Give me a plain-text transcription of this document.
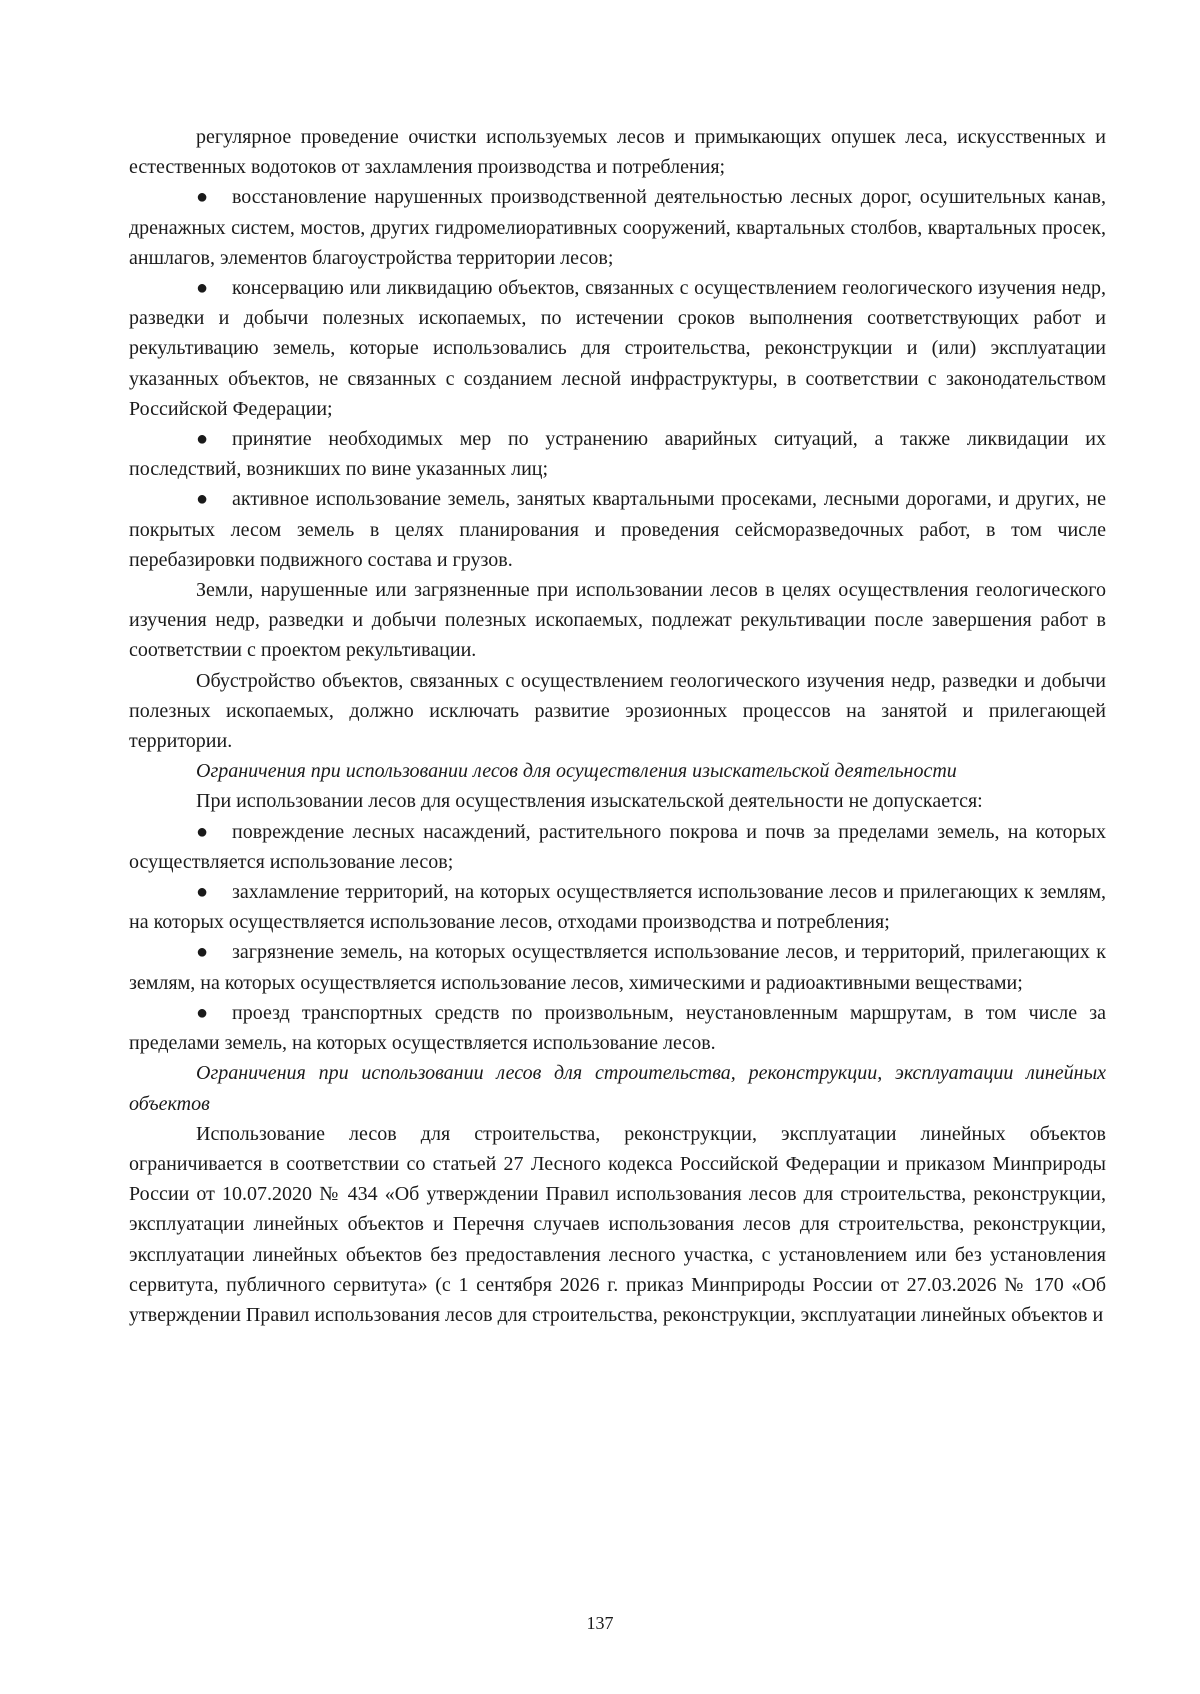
регулярное проведение очистки используемых лесов и примыкающих опушек леса, искусственных и естественных водотоков от захламления производства и потребления;

● восстановление нарушенных производственной деятельностью лесных дорог, осушительных канав, дренажных систем, мостов, других гидромелиоративных сооружений, квартальных столбов, квартальных просек, аншлагов, элементов благоустройства территории лесов;

● консервацию или ликвидацию объектов, связанных с осуществлением геологического изучения недр, разведки и добычи полезных ископаемых, по истечении сроков выполнения соответствующих работ и рекультивацию земель, которые использовались для строительства, реконструкции и (или) эксплуатации указанных объектов, не связанных с созданием лесной инфраструктуры, в соответствии с законодательством Российской Федерации;

● принятие необходимых мер по устранению аварийных ситуаций, а также ликвидации их последствий, возникших по вине указанных лиц;

● активное использование земель, занятых квартальными просеками, лесными дорогами, и других, не покрытых лесом земель в целях планирования и проведения сейсморазведочных работ, в том числе перебазировки подвижного состава и грузов.

Земли, нарушенные или загрязненные при использовании лесов в целях осуществления геологического изучения недр, разведки и добычи полезных ископаемых, подлежат рекультивации после завершения работ в соответствии с проектом рекультивации.

Обустройство объектов, связанных с осуществлением геологического изучения недр, разведки и добычи полезных ископаемых, должно исключать развитие эрозионных процессов на занятой и прилегающей территории.

Ограничения при использовании лесов для осуществления изыскательской деятельности

При использовании лесов для осуществления изыскательской деятельности не допускается:

● повреждение лесных насаждений, растительного покрова и почв за пределами земель, на которых осуществляется использование лесов;

● захламление территорий, на которых осуществляется использование лесов и прилегающих к землям, на которых осуществляется использование лесов, отходами производства и потребления;

● загрязнение земель, на которых осуществляется использование лесов, и территорий, прилегающих к землям, на которых осуществляется использование лесов, химическими и радиоактивными веществами;

● проезд транспортных средств по произвольным, неустановленным маршрутам, в том числе за пределами земель, на которых осуществляется использование лесов.

Ограничения при использовании лесов для строительства, реконструкции, эксплуатации линейных объектов

Использование лесов для строительства, реконструкции, эксплуатации линейных объектов ограничивается в соответствии со статьей 27 Лесного кодекса Российской Федерации и приказом Минприроды России от 10.07.2020 № 434 «Об утверждении Правил использования лесов для строительства, реконструкции, эксплуатации линейных объектов и Перечня случаев использования лесов для строительства, реконструкции, эксплуатации линейных объектов без предоставления лесного участка, с установлением или без установления сервитута, публичного сервитута» (с 1 сентября 2026 г. приказ Минприроды России от 27.03.2026 № 170 «Об утверждении Правил использования лесов для строительства, реконструкции, эксплуатации линейных объектов и

137
